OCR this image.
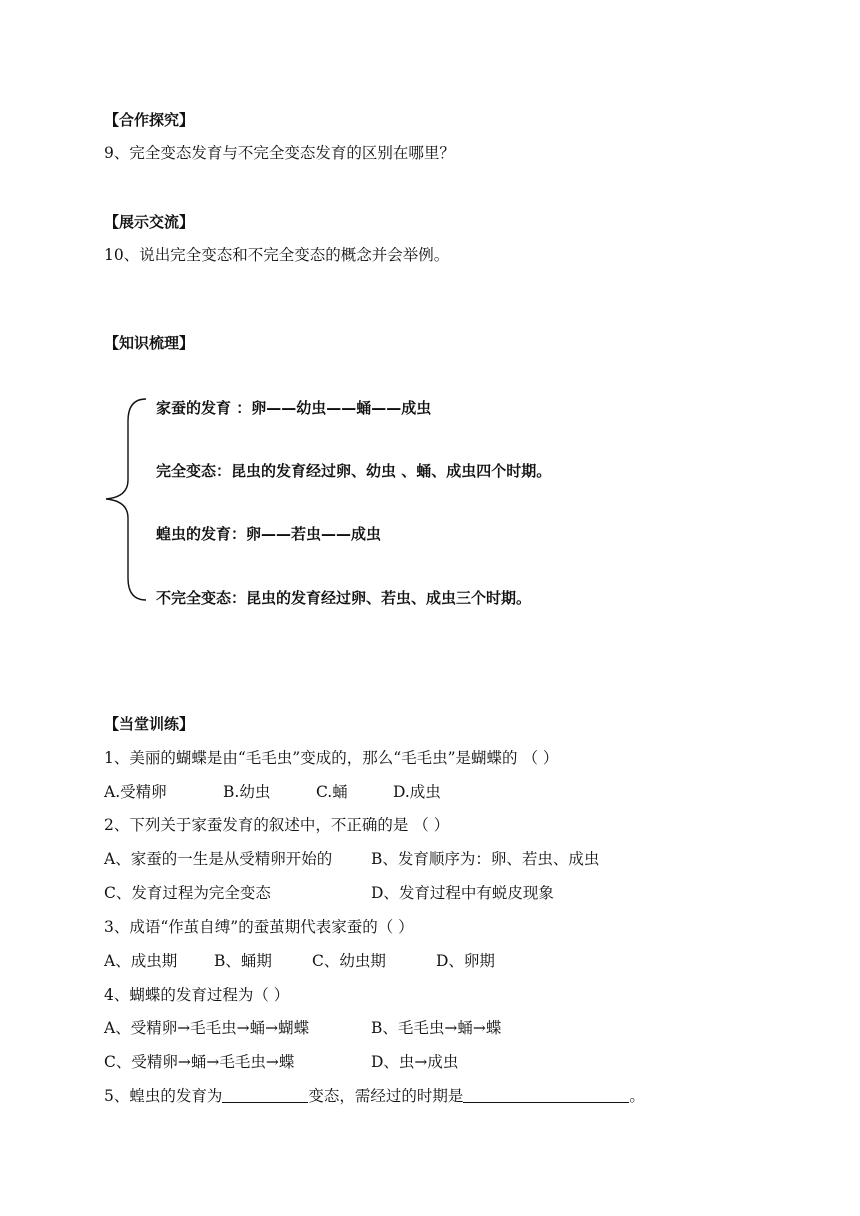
【合作探究】
9、完全变态发育与不完全变态发育的区别在哪里？
【展示交流】
10、说出完全变态和不完全变态的概念并会举例。
【知识梳理】
家蚕的发育 ：卵——幼虫——蛹——成虫
完全变态：昆虫的发育经过卵、幼虫 、蛹、成虫四个时期。
蝗虫的发育：卵——若虫——成虫
不完全变态：昆虫的发育经过卵、若虫、成虫三个时期。
【当堂训练】
1、美丽的蝴蝶是由“毛毛虫”变成的，那么“毛毛虫”是蝴蝶的 （ ）
A.受精卵	B.幼虫	C.蛹	D.成虫
2、下列关于家蚕发育的叙述中，不正确的是 （ ）
A、家蚕的一生是从受精卵开始的	B、发育顺序为：卵、若虫、成虫
C、发育过程为完全变态	D、发育过程中有蜕皮现象
3、成语“作茧自缚”的蚕茧期代表家蚕的（ ）
A、成虫期 B、蛹期	C、幼虫期	D、卵期
4、蝴蝶的发育过程为（ ）
A、受精卵→毛毛虫→蛹→蝴蝶	B、毛毛虫→蛹→蝶
C、受精卵→蛹→毛毛虫→蝶	D、虫→成虫
5、蝗虫的发育为	变态，需经过的时期是	。
